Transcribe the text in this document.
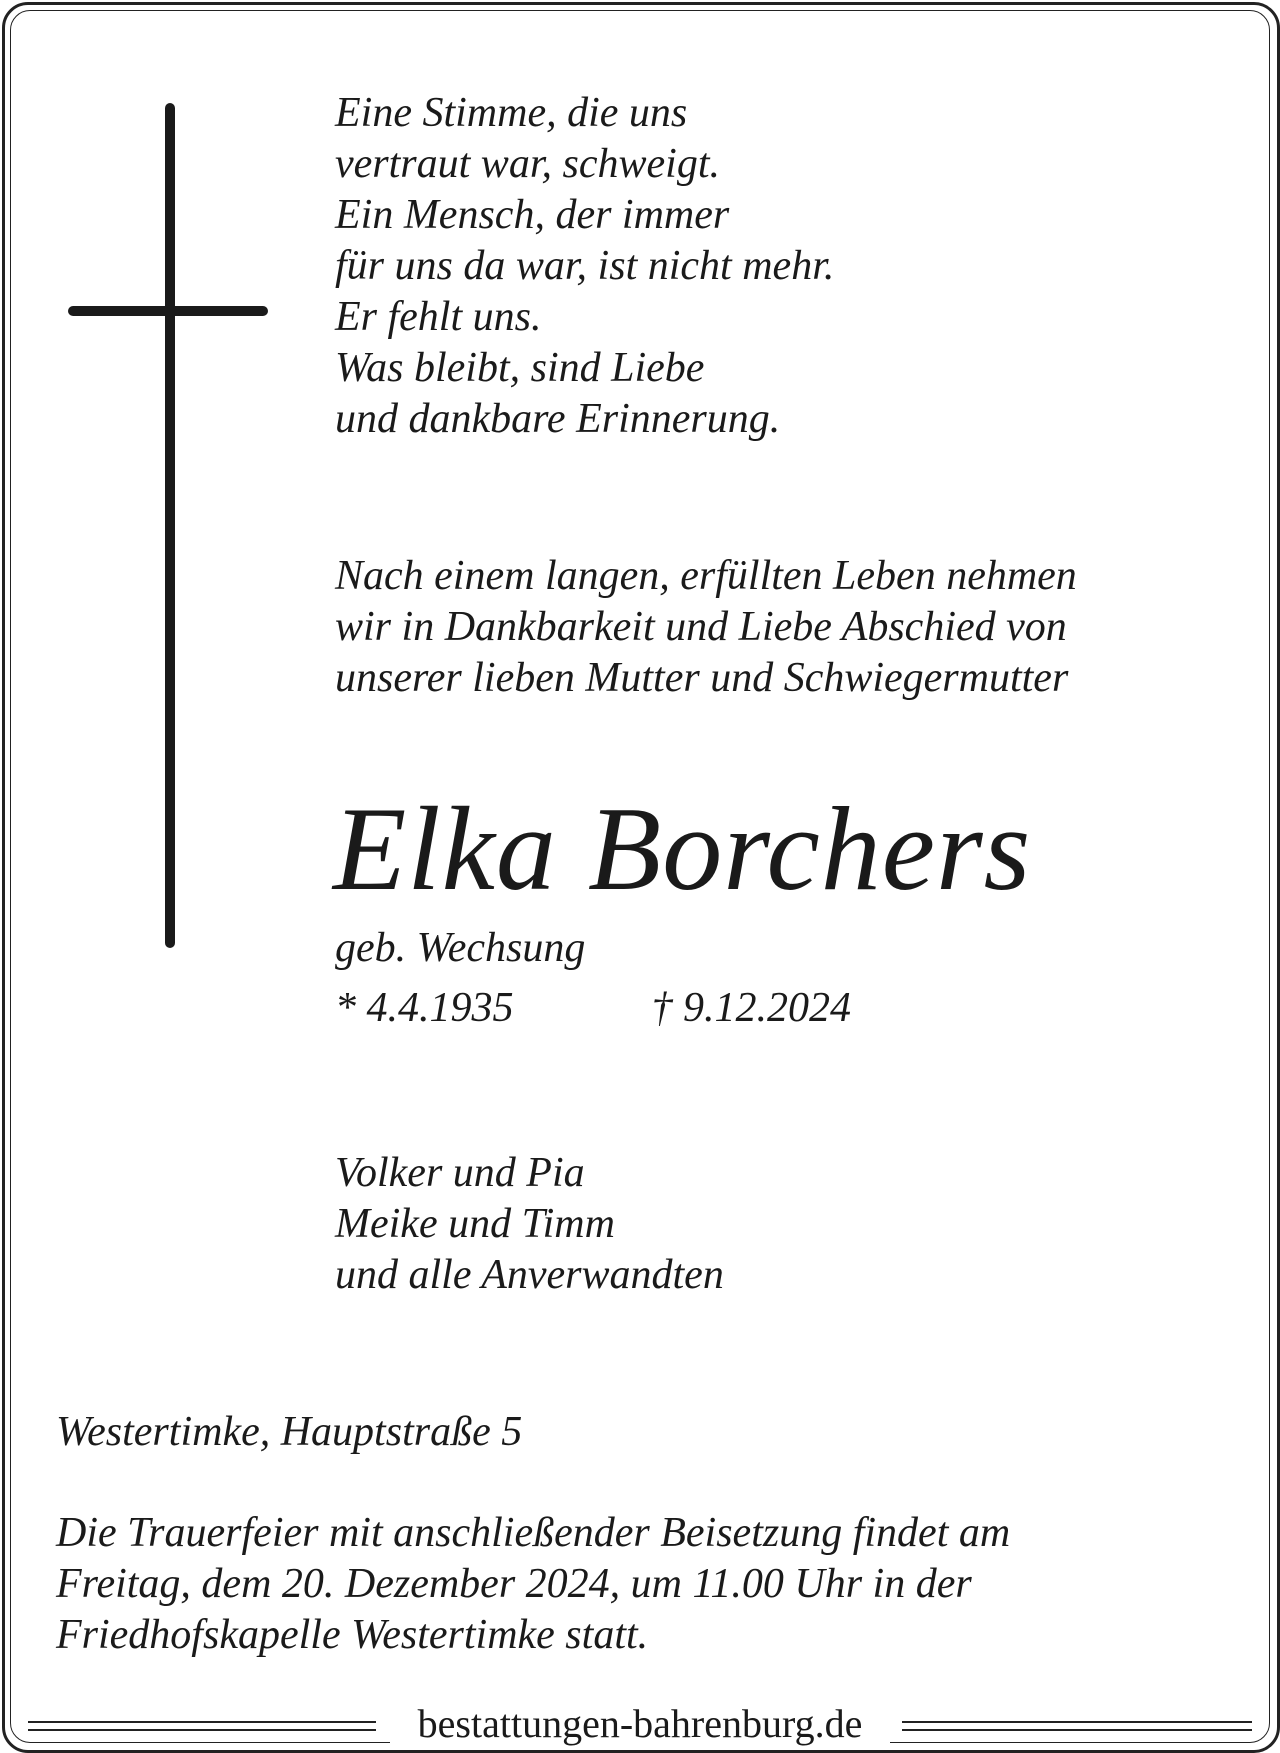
Eine Stimme, die uns
vertraut war, schweigt.
Ein Mensch, der immer
für uns da war, ist nicht mehr.
Er fehlt uns.
Was bleibt, sind Liebe
und dankbare Erinnerung.
Nach einem langen, erfüllten Leben nehmen
wir in Dankbarkeit und Liebe Abschied von
unserer lieben Mutter und Schwiegermutter
Elka Borchers
geb. Wechsung
* 4.4.1935	† 9.12.2024
Volker und Pia
Meike und Timm
und alle Anverwandten
Westertimke, Hauptstraße 5
Die Trauerfeier mit anschließender Beisetzung findet am
Freitag, dem 20. Dezember 2024, um 11.00 Uhr in der
Friedhofskapelle Westertimke statt.
bestattungen-bahrenburg.de
